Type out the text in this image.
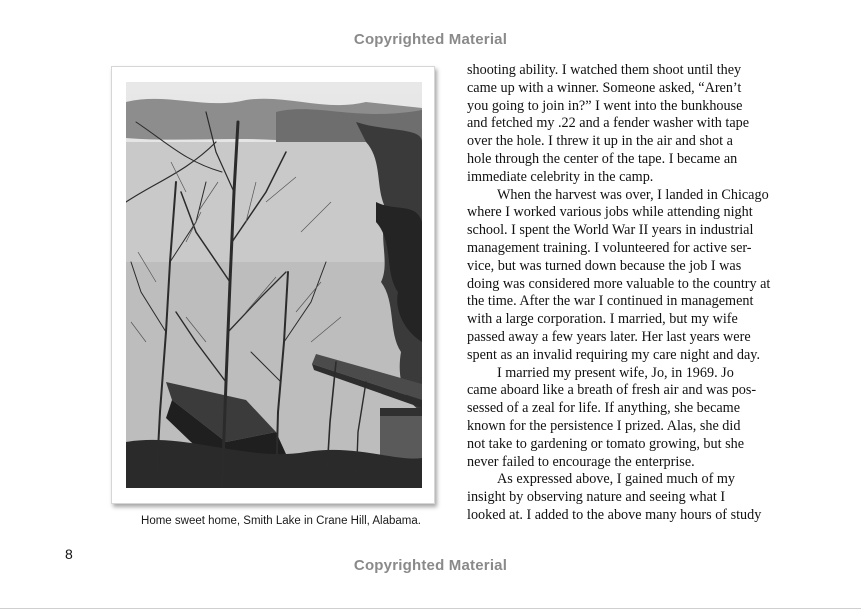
Copyrighted Material
Home sweet home, Smith Lake in Crane Hill, Alabama.
shooting ability. I watched them shoot until they
came up with a winner. Someone asked, “Aren’t
you going to join in?” I went into the bunkhouse
and fetched my .22 and a fender washer with tape
over the hole. I threw it up in the air and shot a
hole through the center of the tape. I became an
immediate celebrity in the camp.
When the harvest was over, I landed in Chicago
where I worked various jobs while attending night
school. I spent the World War II years in industrial
management training. I volunteered for active ser-
vice, but was turned down because the job I was
doing was considered more valuable to the country at
the time. After the war I continued in management
with a large corporation. I married, but my wife
passed away a few years later. Her last years were
spent as an invalid requiring my care night and day.
I married my present wife, Jo, in 1969. Jo
came aboard like a breath of fresh air and was pos-
sessed of a zeal for life. If anything, she became
known for the persistence I prized. Alas, she did
not take to gardening or tomato growing, but she
never failed to encourage the enterprise.
As expressed above, I gained much of my
insight by observing nature and seeing what I
looked at. I added to the above many hours of study
8
Copyrighted Material
